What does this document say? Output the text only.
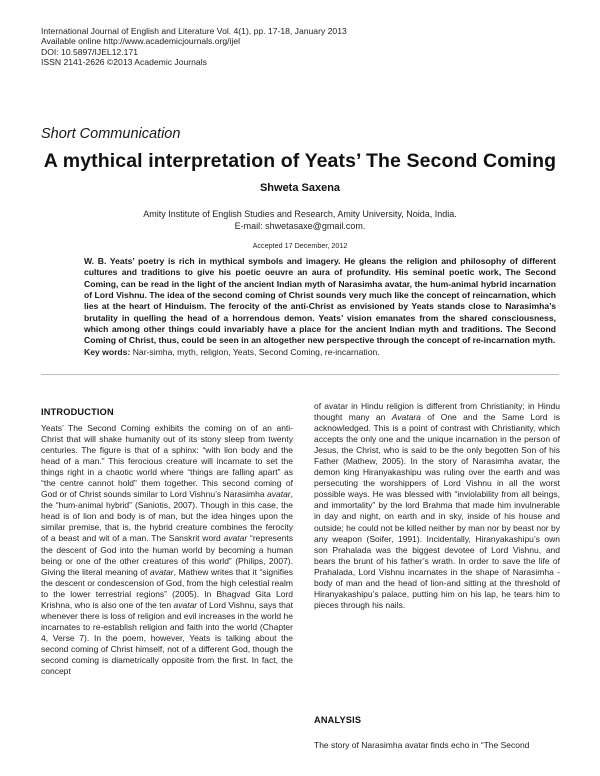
International Journal of English and Literature Vol. 4(1), pp. 17-18, January 2013
Available online http://www.academicjournals.org/ijel
DOI: 10.5897/IJEL12.171
ISSN 2141-2626 ©2013 Academic Journals
Short Communication
A mythical interpretation of Yeats’ The Second Coming
Shweta Saxena
Amity Institute of English Studies and Research, Amity University, Noida, India.
E-mail: shwetasaxe@gmail.com.
Accepted 17 December, 2012

W. B. Yeats’ poetry is rich in mythical symbols and imagery. He gleans the religion and philosophy of different cultures and traditions to give his poetic oeuvre an aura of profundity. His seminal poetic work, The Second Coming, can be read in the light of the ancient Indian myth of Narasimha avatar, the hum-animal hybrid incarnation of Lord Vishnu. The idea of the second coming of Christ sounds very much like the concept of reincarnation, which lies at the heart of Hinduism. The ferocity of the anti-Christ as envisioned by Yeats stands close to Narasimha’s brutality in quelling the head of a horrendous demon. Yeats’ vision emanates from the shared consciousness, which among other things could invariably have a place for the ancient Indian myth and traditions. The Second Coming of Christ, thus, could be seen in an altogether new perspective through the concept of re-incarnation myth.

Key words: Nar-simha, myth, religion, Yeats, Second Coming, re-incarnation.

INTRODUCTION

Yeats’ The Second Coming exhibits the coming on of an anti- Christ that will shake humanity out of its stony sleep from twenty centuries. The figure is that of a sphinx: “with lion body and the head of a man.” This ferocious creature will incarnate to set the things right in a chaotic world where “things are falling apart” as “the centre cannot hold” them together. This second coming of God or of Christ sounds similar to Lord Vishnu’s Narasimha avatar, the “hum-animal hybrid” (Saniotis, 2007). Though in this case, the head is of lion and body is of man, but the idea hinges upon the similar premise, that is, the hybrid creature combines the ferocity of a beast and wit of a man. The Sanskrit word avatar “represents the descent of God into the human world by becoming a human being or one of the other creatures of this world” (Philips, 2007). Giving the literal meaning of avatar, Mathew writes that it “signifies the descent or condescension of God, from the high celestial realm to the lower terrestrial regions” (2005). In Bhagvad Gita Lord Krishna, who is also one of the ten avatar of Lord Vishnu, says that whenever there is loss of religion and evil increases in the world he incarnates to re-establish religion and faith into the world (Chapter 4, Verse 7). In the poem, however, Yeats is talking about the second coming of Christ himself, not of a different God, though the second coming is diametrically opposite from the first. In fact, the concept

of avatar in Hindu religion is different from Christianity; in Hindu thought many an Avatara of One and the Same Lord is acknowledged. This is a point of contrast with Christianity, which accepts the only one and the unique incarnation in the person of Jesus, the Christ, who is said to be the only begotten Son of his Father (Mathew, 2005). In the story of Narasimha avatar, the demon king Hiranyakashipu was ruling over the earth and was persecuting the worshippers of Lord Vishnu in all the worst possible ways. He was blessed with “inviolability from all beings, and immortality” by the lord Brahma that made him invulnerable in day and night, on earth and in sky, inside of his house and outside; he could not be killed neither by man nor by beast nor by any weapon (Soifer, 1991). Incidentally, Hiranyakashipu’s own son Prahalada was the biggest devotee of Lord Vishnu, and bears the brunt of his father’s wrath. In order to save the life of Prahalada, Lord Vishnu incarnates in the shape of Narasimha -body of man and the head of lion-and sitting at the threshold of Hiranyakashipu’s palace, putting him on his lap, he tears him to pieces through his nails.

ANALYSIS

The story of Narasimha avatar finds echo in “The Second
